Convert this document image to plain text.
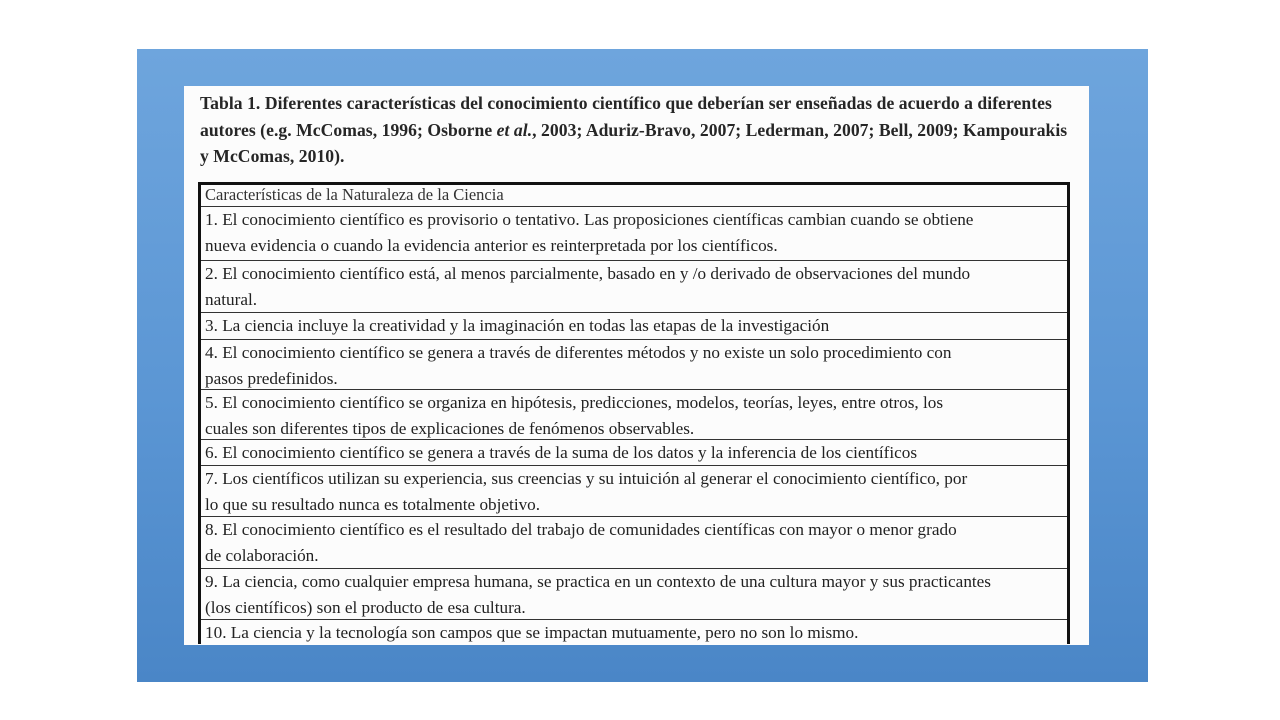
Tabla 1. Diferentes características del conocimiento científico que deberían ser enseñadas de acuerdo a diferentes autores (e.g. McComas, 1996; Osborne et al., 2003; Aduriz-Bravo, 2007; Lederman, 2007; Bell, 2009; Kampourakis y McComas, 2010).
Características de la Naturaleza de la Ciencia
1. El conocimiento científico es provisorio o tentativo. Las proposiciones científicas cambian cuando se obtiene
nueva evidencia o cuando la evidencia anterior es reinterpretada por los científicos.
2. El conocimiento científico está, al menos parcialmente, basado en y /o derivado de observaciones del mundo
natural.
3. La ciencia incluye la creatividad y la imaginación en todas las etapas de la investigación
4. El conocimiento científico se genera a través de diferentes métodos y no existe un solo procedimiento con
pasos predefinidos.
5. El conocimiento científico se organiza en hipótesis, predicciones, modelos, teorías, leyes, entre otros, los
cuales son diferentes tipos de explicaciones de fenómenos observables.
6. El conocimiento científico se genera a través de la suma de los datos y la inferencia de los científicos
7. Los científicos utilizan su experiencia, sus creencias y su intuición al generar el conocimiento científico, por
lo que su resultado nunca es totalmente objetivo.
8. El conocimiento científico es el resultado del trabajo de comunidades científicas con mayor o menor grado
de colaboración.
9. La ciencia, como cualquier empresa humana, se practica en un contexto de una cultura mayor y sus practicantes
(los científicos) son el producto de esa cultura.
10. La ciencia y la tecnología son campos que se impactan mutuamente, pero no son lo mismo.
